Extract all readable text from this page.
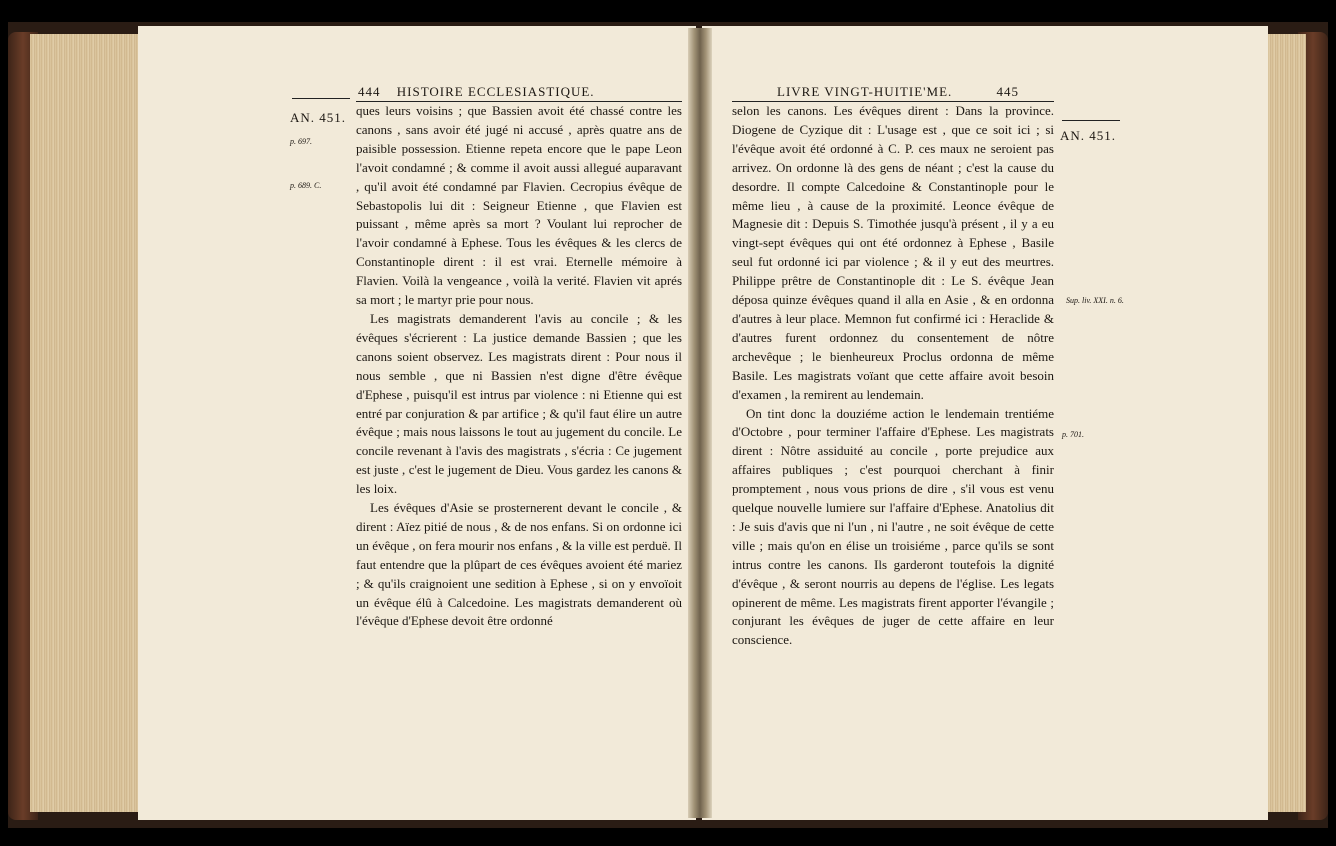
AN. 451.
p. 697.
p. 689. C.
444 HISTOIRE ECCLESIASTIQUE.

ques leurs voisins ; que Bassien avoit été chassé contre les canons , sans avoir été jugé ni accusé , après quatre ans de paisible possession. Etienne repeta encore que le pape Leon l'avoit condamné ; & comme il avoit aussi allegué auparavant , qu'il avoit été condamné par Flavien. Cecropius évêque de Sebastopolis lui dit : Seigneur Etienne , que Flavien est puissant , même après sa mort ? Voulant lui reprocher de l'avoir condamné à Ephese. Tous les évêques & les clercs de Constantinople dirent : il est vrai. Eternelle mémoire à Flavien. Voilà la vengeance , voilà la verité. Flavien vit aprés sa mort ; le martyr prie pour nous.

Les magistrats demanderent l'avis au concile ; & les évêques s'écrierent : La justice demande Bassien ; que les canons soient observez. Les magistrats dirent : Pour nous il nous semble , que ni Bassien n'est digne d'être évêque d'Ephese , puisqu'il est intrus par violence : ni Etienne qui est entré par conjuration & par artifice ; & qu'il faut élire un autre évêque ; mais nous laissons le tout au jugement du concile. Le concile revenant à l'avis des magistrats , s'écria : Ce jugement est juste , c'est le jugement de Dieu. Vous gardez les canons & les loix.

Les évêques d'Asie se prosternerent devant le concile , & dirent : Aïez pitié de nous , & de nos enfans. Si on ordonne ici un évêque , on fera mourir nos enfans , & la ville est perduë. Il faut entendre que la plûpart de ces évêques avoient été mariez ; & qu'ils craignoient une sedition à Ephese , si on y envoïoit un évêque élû à Calcedoine. Les magistrats demanderent où l'évêque d'Ephese devoit être ordonné

LIVRE VINGT-HUITIE'ME.	445
AN. 451.
Sup. liv. XXI. n. 6.
p. 701.

selon les canons. Les évêques dirent : Dans la province. Diogene de Cyzique dit : L'usage est , que ce soit ici ; si l'évêque avoit été ordonné à C. P. ces maux ne seroient pas arrivez. On ordonne là des gens de néant ; c'est la cause du desordre. Il compte Calcedoine & Constantinople pour le même lieu , à cause de la proximité. Leonce évêque de Magnesie dit : Depuis S. Timothée jusqu'à présent , il y a eu vingt-sept évêques qui ont été ordonnez à Ephese , Basile seul fut ordonné ici par violence ; & il y eut des meurtres. Philippe prêtre de Constantinople dit : Le S. évêque Jean déposa quinze évêques quand il alla en Asie , & en ordonna d'autres à leur place. Memnon fut confirmé ici : Heraclide & d'autres furent ordonnez du consentement de nôtre archevêque ; le bienheureux Proclus ordonna de même Basile. Les magistrats voïant que cette affaire avoit besoin d'examen , la remirent au lendemain.

On tint donc la douziéme action le lendemain trentiéme d'Octobre , pour terminer l'affaire d'Ephese. Les magistrats dirent : Nôtre assiduité au concile , porte prejudice aux affaires publiques ; c'est pourquoi cherchant à finir promptement , nous vous prions de dire , s'il vous est venu quelque nouvelle lumiere sur l'affaire d'Ephese. Anatolius dit : Je suis d'avis que ni l'un , ni l'autre , ne soit évêque de cette ville ; mais qu'on en élise un troisiéme , parce qu'ils se sont intrus contre les canons. Ils garderont toutefois la dignité d'évêque , & seront nourris au depens de l'église. Les legats opinerent de même. Les magistrats firent apporter l'évangile ; conjurant les évêques de juger de cette affaire en leur conscience.
